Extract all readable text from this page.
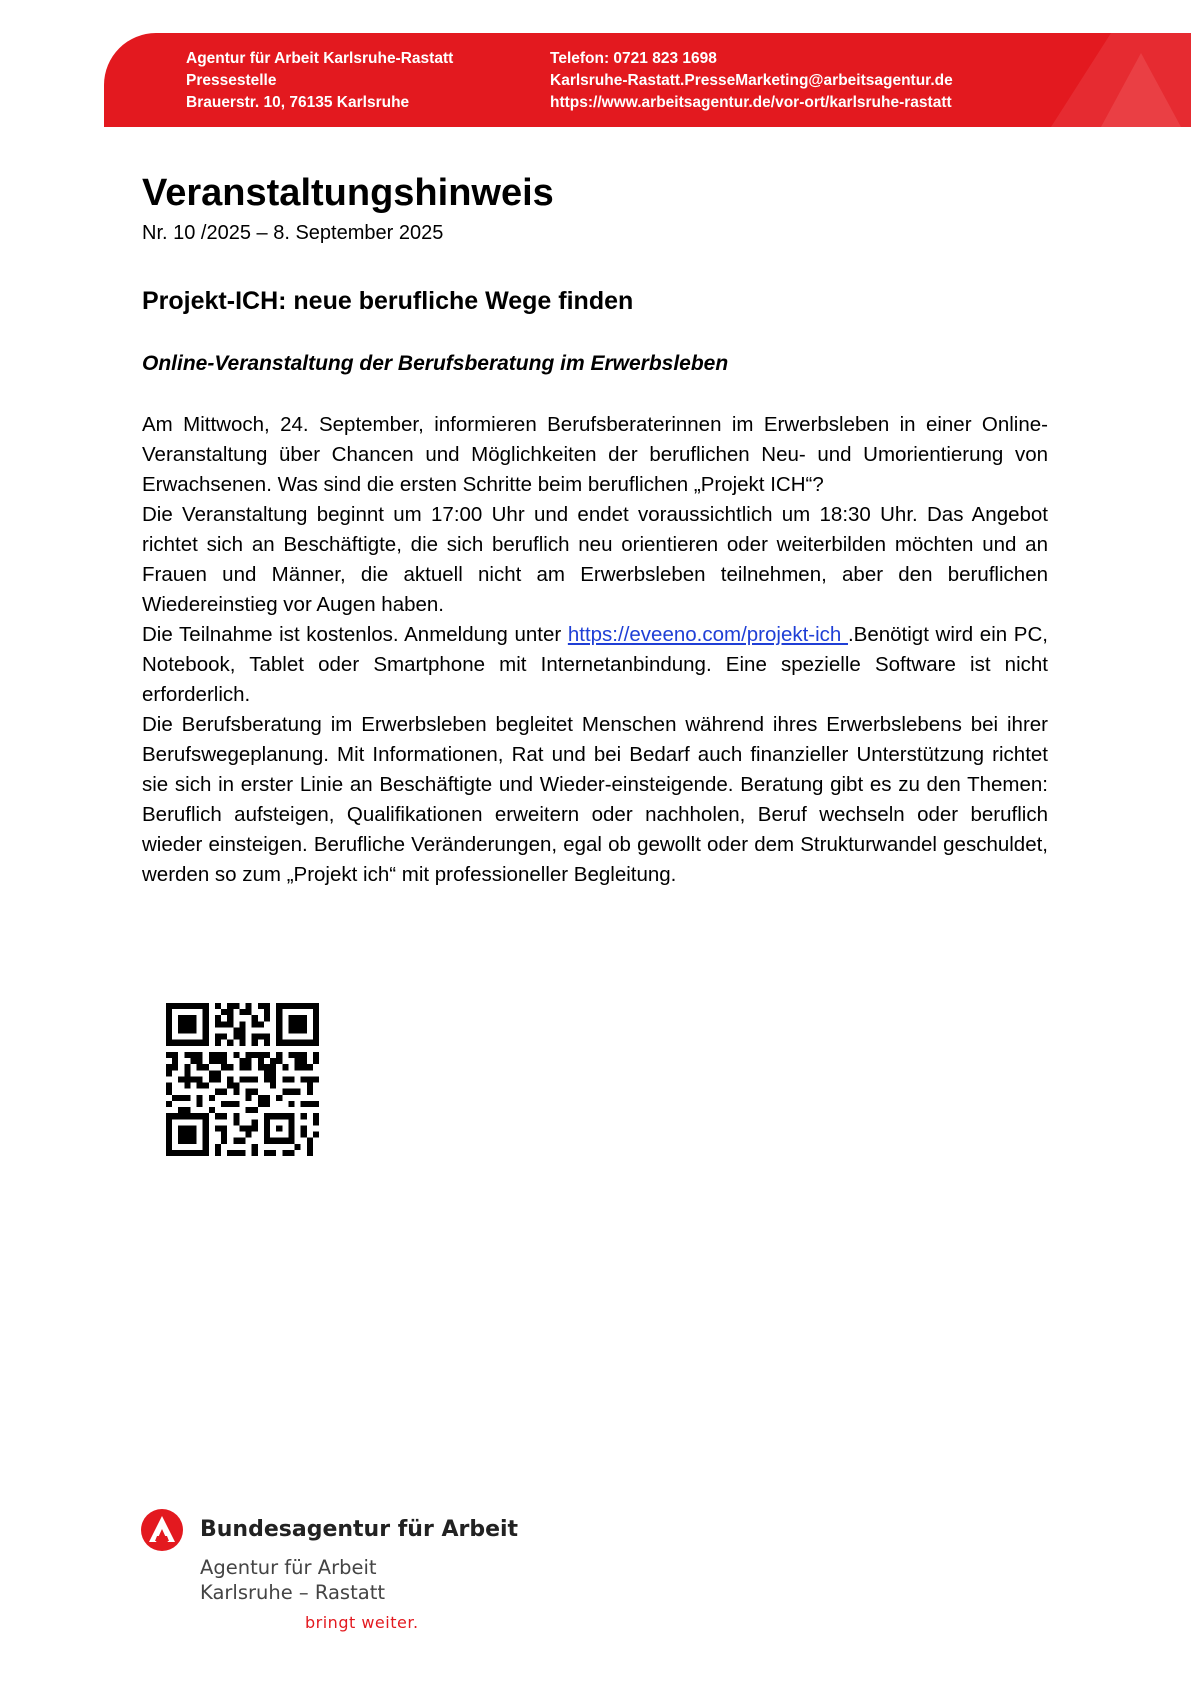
Agentur für Arbeit Karlsruhe-Rastatt
Pressestelle
Brauerstr. 10, 76135 Karlsruhe
Telefon: 0721 823 1698
Karlsruhe-Rastatt.PresseMarketing@arbeitsagentur.de
https://www.arbeitsagentur.de/vor-ort/karlsruhe-rastatt
Veranstaltungshinweis
Nr. 10 /2025 – 8. September 2025
Projekt-ICH: neue berufliche Wege finden
Online-Veranstaltung der Berufsberatung im Erwerbsleben

Am Mittwoch, 24. September, informieren Berufsberaterinnen im Erwerbsleben in einer Online-Veranstaltung über Chancen und Möglichkeiten der beruflichen Neu- und Umorientierung von Erwachsenen. Was sind die ersten Schritte beim beruflichen „Projekt ICH“?

Die Veranstaltung beginnt um 17:00 Uhr und endet voraussichtlich um 18:30 Uhr. Das Angebot richtet sich an Beschäftigte, die sich beruflich neu orientieren oder weiterbilden möchten und an Frauen und Männer, die aktuell nicht am Erwerbsleben teilnehmen, aber den beruflichen Wiedereinstieg vor Augen haben.

Die Teilnahme ist kostenlos. Anmeldung unter https://eveeno.com/projekt-ich .Benötigt wird ein PC, Notebook, Tablet oder Smartphone mit Internetanbindung. Eine spezielle Software ist nicht erforderlich.

Die Berufsberatung im Erwerbsleben begleitet Menschen während ihres Erwerbslebens bei ihrer Berufswegeplanung. Mit Informationen, Rat und bei Bedarf auch finanzieller Unterstützung richtet sie sich in erster Linie an Beschäftigte und Wieder-einsteigende. Beratung gibt es zu den Themen: Beruflich aufsteigen, Qualifikationen erweitern oder nachholen, Beruf wechseln oder beruflich wieder einsteigen. Berufliche Veränderungen, egal ob gewollt oder dem Strukturwandel geschuldet, werden so zum „Projekt ich“ mit professioneller Begleitung.

Bundesagentur für Arbeit
Agentur für Arbeit
Karlsruhe – Rastatt
bringt weiter.
